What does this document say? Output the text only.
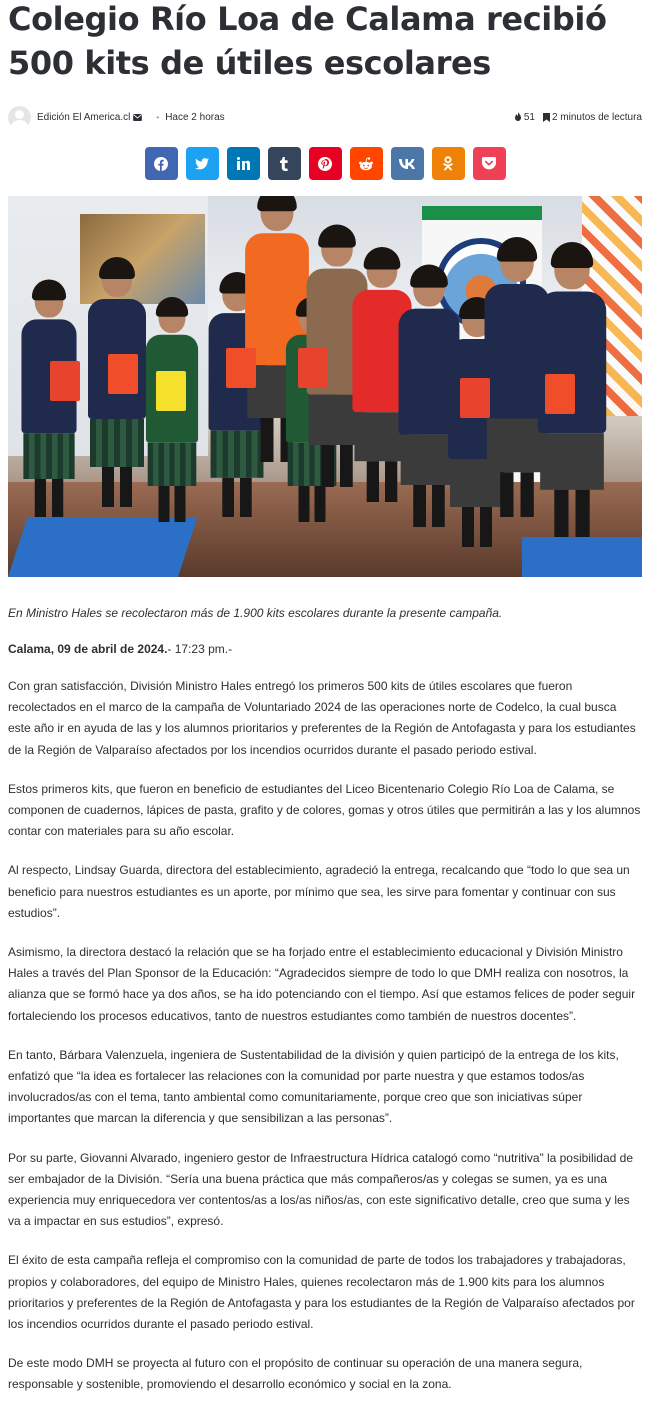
Colegio Río Loa de Calama recibió 500 kits de útiles escolares
Edición El America.cl	• Hace 2 horas	51 2 minutos de lectura

En Ministro Hales se recolectaron más de 1.900 kits escolares durante la presente campaña.

Calama, 09 de abril de 2024.- 17:23 pm.-

Con gran satisfacción, División Ministro Hales entregó los primeros 500 kits de útiles escolares que fueron recolectados en el marco de la campaña de Voluntariado 2024 de las operaciones norte de Codelco, la cual busca este año ir en ayuda de las y los alumnos prioritarios y preferentes de la Región de Antofagasta y para los estudiantes de la Región de Valparaíso afectados por los incendios ocurridos durante el pasado periodo estival.

Estos primeros kits, que fueron en beneficio de estudiantes del Liceo Bicentenario Colegio Río Loa de Calama, se componen de cuadernos, lápices de pasta, grafito y de colores, gomas y otros útiles que permitirán a las y los alumnos contar con materiales para su año escolar.

Al respecto, Lindsay Guarda, directora del establecimiento, agradeció la entrega, recalcando que “todo lo que sea un beneficio para nuestros estudiantes es un aporte, por mínimo que sea, les sirve para fomentar y continuar con sus estudios”.

Asimismo, la directora destacó la relación que se ha forjado entre el establecimiento educacional y División Ministro Hales a través del Plan Sponsor de la Educación: “Agradecidos siempre de todo lo que DMH realiza con nosotros, la alianza que se formó hace ya dos años, se ha ido potenciando con el tiempo. Así que estamos felices de poder seguir fortaleciendo los procesos educativos, tanto de nuestros estudiantes como también de nuestros docentes”.

En tanto, Bárbara Valenzuela, ingeniera de Sustentabilidad de la división y quien participó de la entrega de los kits, enfatizó que “la idea es fortalecer las relaciones con la comunidad por parte nuestra y que estamos todos/as involucrados/as con el tema, tanto ambiental como comunitariamente, porque creo que son iniciativas súper importantes que marcan la diferencia y que sensibilizan a las personas”.

Por su parte, Giovanni Alvarado, ingeniero gestor de Infraestructura Hídrica catalogó como “nutritiva” la posibilidad de ser embajador de la División. “Sería una buena práctica que más compañeros/as y colegas se sumen, ya es una experiencia muy enriquecedora ver contentos/as a los/as niños/as, con este significativo detalle, creo que suma y les va a impactar en sus estudios”, expresó.

El éxito de esta campaña refleja el compromiso con la comunidad de parte de todos los trabajadores y trabajadoras, propios y colaboradores, del equipo de Ministro Hales, quienes recolectaron más de 1.900 kits para los alumnos prioritarios y preferentes de la Región de Antofagasta y para los estudiantes de la Región de Valparaíso afectados por los incendios ocurridos durante el pasado periodo estival.

De este modo DMH se proyecta al futuro con el propósito de continuar su operación de una manera segura, responsable y sostenible, promoviendo el desarrollo económico y social en la zona.
